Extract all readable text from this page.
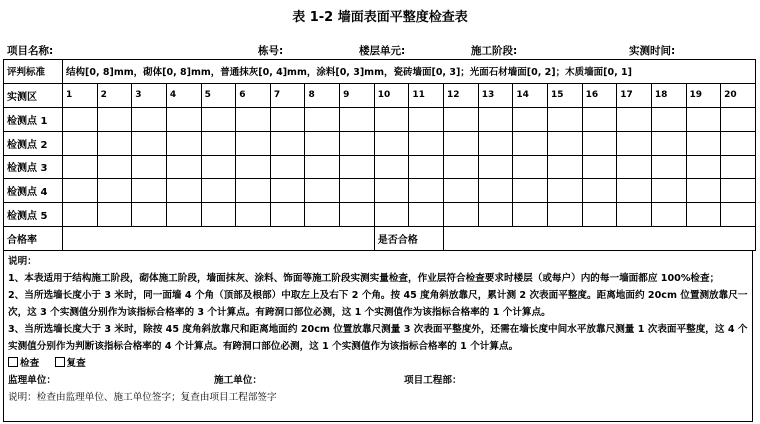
表 1-2 墙面表面平整度检查表
项目名称:	栋号:	楼层单元:	施工阶段:	实测时间:
评判标准	结构[0, 8]mm，砌体[0, 8]mm，普通抹灰[0, 4]mm，涂料[0, 3]mm，瓷砖墙面[0, 3]；光面石材墙面[0, 2]；木质墙面[0, 1]																			
实测区	1	2	3	4	5	6	7	8	9	10	11	12	13	14	15	16	17	18	19	20
检测点 1																				
检测点 2																				
检测点 3																				
检测点 4																				
检测点 5																				
合格率										是否合格										

说明：

1、本表适用于结构施工阶段，砌体施工阶段，墙面抹灰、涂料、饰面等施工阶段实测实量检查，作业层符合检查要求时楼层（或每户）内的每一墙面都应 100%检查；

2、当所选墙长度小于 3 米时，同一面墙 4 个角（顶部及根部）中取左上及右下 2 个角。按 45 度角斜放靠尺，累计测 2 次表面平整度。距离地面约 20cm 位置测放靠尺一次，这 3 个实测值分别作为该指标合格率的 3 个计算点。有跨洞口部位必测，这 1 个实测值作为该指标合格率的 1 个计算点。

3、当所选墙长度大于 3 米时，除按 45 度角斜放靠尺和距离地面约 20cm 位置放靠尺测量 3 次表面平整度外，还需在墙长度中间水平放靠尺测量 1 次表面平整度，这 4 个实测值分别作为判断该指标合格率的 4 个计算点。有跨洞口部位必测，这 1 个实测值作为该指标合格率的 1 个计算点。

检查	复查

监理单位：	施工单位：	项目工程部：

说明：检查由监理单位、施工单位签字；复查由项目工程部签字
